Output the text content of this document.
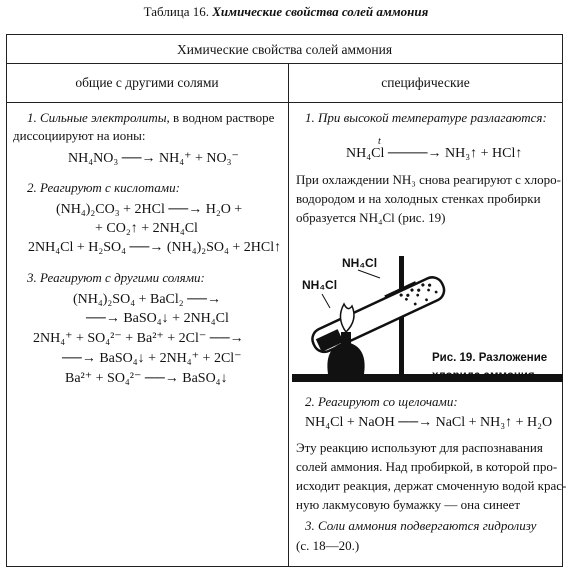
Таблица 16. Химические свойства солей аммония
Химические свойства солей аммония
общие с другими солями	специфические
1. Сильные электролиты, в водном растворе
диссоциируют на ионы:
NH₄NO₃ ──→ NH₄⁺ + NO₃⁻
2. Реагируют с кислотами:
(NH₄)₂CO₃ + 2HCl ──→ H₂O +
+ CO₂↑ + 2NH₄Cl
2NH₄Cl + H₂SO₄ ──→ (NH₄)₂SO₄ + 2HCl↑
3. Реагируют с другими солями:
(NH₄)₂SO₄ + BaCl₂ ──→
──→ BaSO₄↓ + 2NH₄Cl
2NH₄⁺ + SO₄²⁻ + Ba²⁺ + 2Cl⁻ ──→
──→ BaSO₄↓ + 2NH₄⁺ + 2Cl⁻
Ba²⁺ + SO₄²⁻ ──→ BaSO₄↓
1. При высокой температуре разлагаются:
t
NH₄Cl ────→ NH₃↑ + HCl↑
При охлаждении NH₃ снова реагируют с хлоро-
водородом и на холодных стенках пробирки
образуется NH₄Cl (рис. 19)
NH₄Cl
NH₄Cl
Рис. 19. Разложение
хлорида аммония.
2. Реагируют со щелочами:
NH₄Cl + NaOH ──→ NaCl + NH₃↑ + H₂O
Эту реакцию используют для распознавания
солей аммония. Над пробиркой, в которой про-
исходит реакция, держат смоченную водой крас-
ную лакмусовую бумажку — она синеет
3. Соли аммония подвергаются гидролизу
(с. 18—20.)
